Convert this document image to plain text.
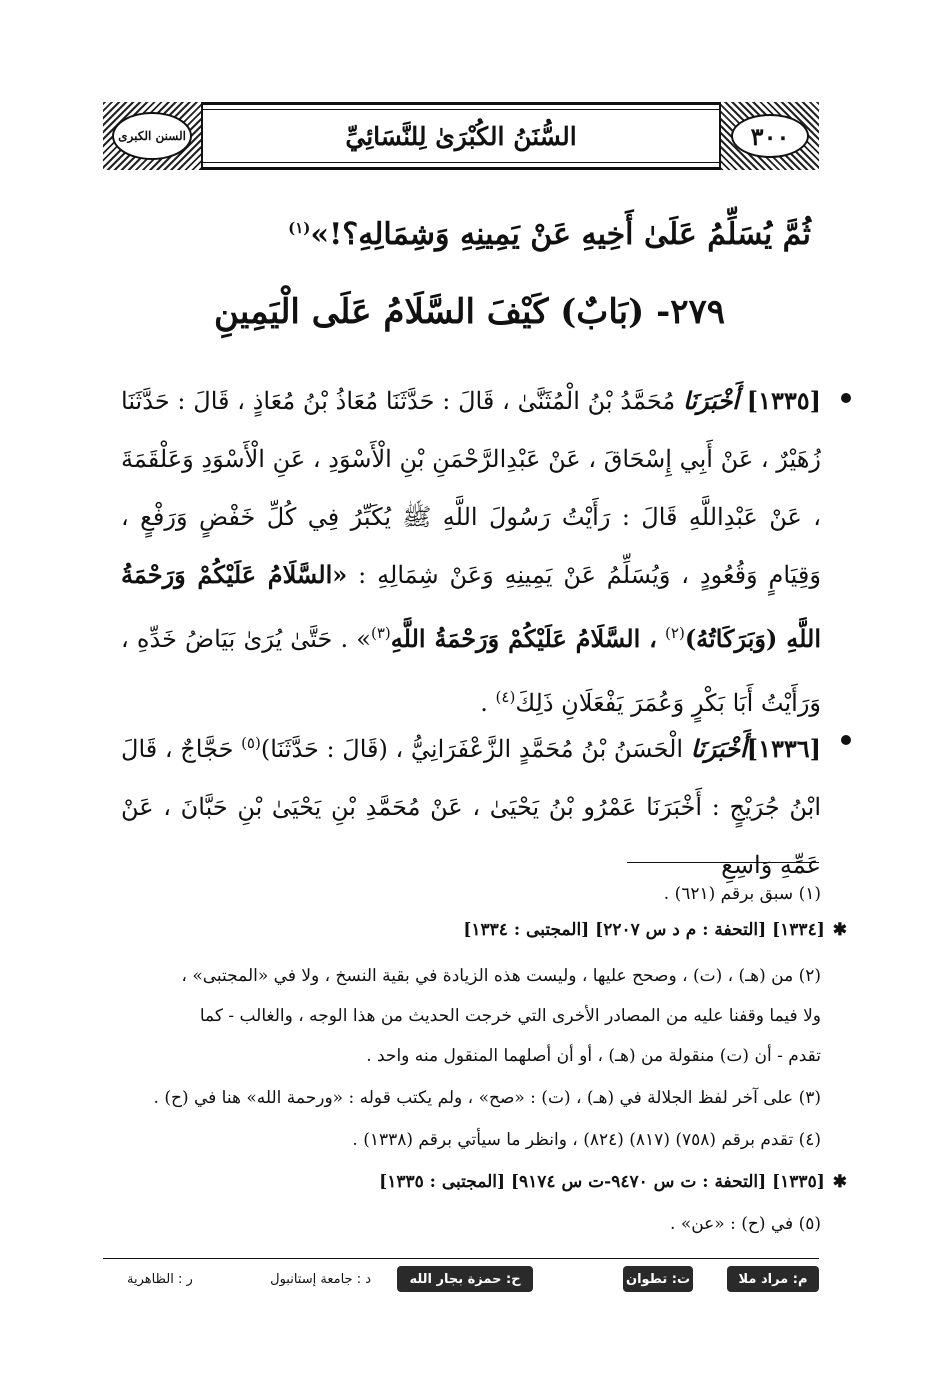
٣٠٠
السُّنَنُ الكُبْرَىٰ لِلنَّسَائِيِّ
السنن الكبرى
ثُمَّ يُسَلِّمُ عَلَىٰ أَخِيهِ عَنْ يَمِينِهِ وَشِمَالِهِ؟!»$^{(١)}$
٢٧٩- (بَابٌ) كَيْفَ السَّلَامُ عَلَى الْيَمِينِ
[١٣٣٥] أَخْبَرَنَا مُحَمَّدُ بْنُ الْمُثَنَّىٰ ، قَالَ : حَدَّثَنَا مُعَاذُ بْنُ مُعَاذٍ ، قَالَ : حَدَّثَنَا زُهَيْرٌ ، عَنْ أَبِي إِسْحَاقَ ، عَنْ عَبْدِالرَّحْمَنِ بْنِ الْأَسْوَدِ ، عَنِ الْأَسْوَدِ وَعَلْقَمَةَ ، عَنْ عَبْدِاللَّهِ قَالَ : رَأَيْتُ رَسُولَ اللَّهِ ﷺ يُكَبِّرُ فِي كُلِّ خَفْضٍ وَرَفْعٍ ، وَقِيَامٍ وَقُعُودٍ ، وَيُسَلِّمُ عَنْ يَمِينِهِ وَعَنْ شِمَالِهِ : «السَّلَامُ عَلَيْكُمْ وَرَحْمَةُ اللَّهِ (وَبَرَكَاتُهُ)$^{(٢)}$ ، السَّلَامُ عَلَيْكُمْ وَرَحْمَةُ اللَّهِ$^{(٣)}$» . حَتَّىٰ يُرَىٰ بَيَاضُ خَدِّهِ ، وَرَأَيْتُ أَبَا بَكْرٍ وَعُمَرَ يَفْعَلَانِ ذَلِكَ$^{(٤)}$ .
[١٣٣٦]أَخْبَرَنَا الْحَسَنُ بْنُ مُحَمَّدٍ الزَّعْفَرَانِيُّ ، (قَالَ : حَدَّثَنَا)$^{(٥)}$ حَجَّاجٌ ، قَالَ ابْنُ جُرَيْجٍ : أَخْبَرَنَا عَمْرُو بْنُ يَحْيَىٰ ، عَنْ مُحَمَّدِ بْنِ يَحْيَىٰ بْنِ حَبَّانَ ، عَنْ عَمِّهِ وَاسِعِ
(١) سبق برقم (٦٢١) .
✱[١٣٣٤] [التحفة : م د س ٢٢٠٧] [المجتبى : ١٣٣٤]
(٢) من (هـ) ، (ت) ، وصحح عليها ، وليست هذه الزيادة في بقية النسخ ، ولا في «المجتبى» ،
ولا فيما وقفنا عليه من المصادر الأخرى التي خرجت الحديث من هذا الوجه ، والغالب - كما
تقدم - أن (ت) منقولة من (هـ) ، أو أن أصلهما المنقول منه واحد .
(٣) على آخر لفظ الجلالة في (هـ) ، (ت) : «صح» ، ولم يكتب قوله : «ورحمة الله» هنا في (ح) .
(٤) تقدم برقم (٧٥٨) (٨١٧) (٨٢٤) ، وانظر ما سيأتي برقم (١٣٣٨) .
✱[١٣٣٥] [التحفة : ت س ٩٤٧٠-ت س ٩١٧٤] [المجتبى : ١٣٣٥]
(٥) في (ح) : «عن» .
م: مراد ملا
ت: تطوان
ح: حمزة بجار الله
د : جامعة إستانبول
ر : الظاهرية
